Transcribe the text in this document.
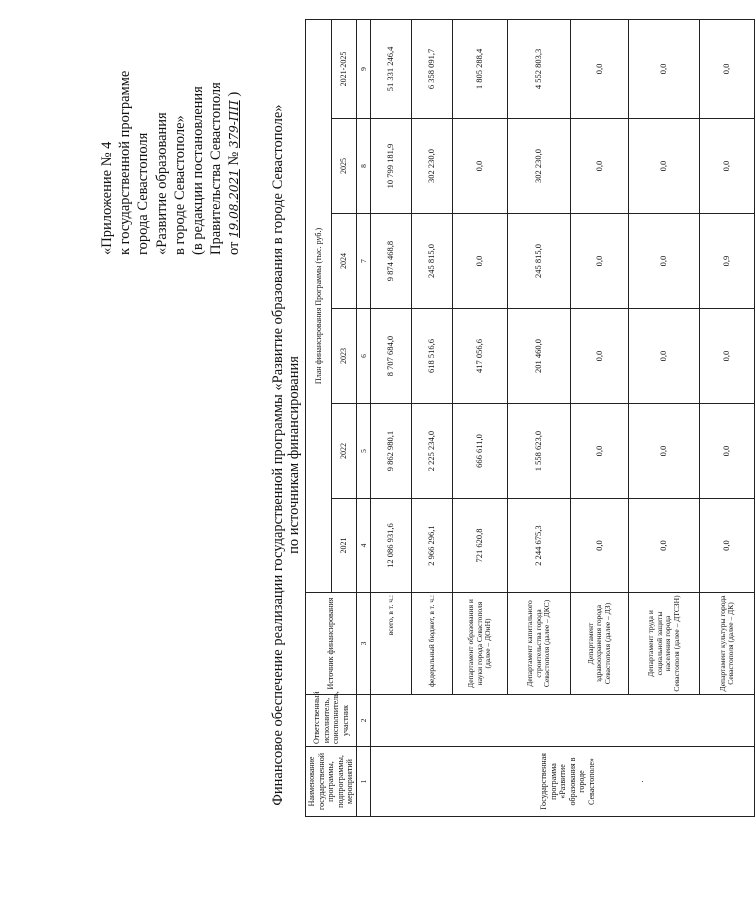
«Приложение № 4 к государственной программе города Севастополя «Развитие образования в городе Севастополе» (в редакции постановления Правительства Севастополя от 19.08.2021 № 379-ПП )
Финансовое обеспечение реализации государственной программы «Развитие образования в городе Севастополе» по источникам финансирования
Наименование государственной программы, подпрограммы, мероприятий	Ответственный исполнитель, соисполнитель, участник	Источник финансирования	План финансирования Программы (тыс. руб.)					
			2021	2022	2023	2024	2025	2021-2025
1	2	3	4	5	6	7	8	9

Государственная программа «Развитие образования в городе Севастополе» .		всего, в т. ч.:	12 086 931,6	9 862 980,1	8 707 684,0	9 874 468,8	10 799 181,9	51 331 246,4
		федеральный бюджет, в т. ч.:	2 966 296,1	2 225 234,0	618 516,6	245 815,0	302 230,0	6 358 091,7
		Департамент образования и науки города Севастополя (далее – ДОиН)	721 620,8	666 611,0	417 056,6	0,0	0,0	1 805 288,4
		Департамент капитального строительства города Севастополя (далее – ДКС)	2 244 675,3	1 558 623,0	201 460,0	245 815,0	302 230,0	4 552 803,3
		Департамент здравоохранения города Севастополя (далее – ДЗ)	0,0	0,0	0,0	0,0	0,0	0,0
		Департамент труда и социальной защиты населения города Севастополя (далее – ДТСЗН)	0,0	0,0	0,0	0,0	0,0	0,0
		Департамент культуры города Севастополя (далее – ДК)	0,0	0,0	0,0	0,9	0,0	0,0
